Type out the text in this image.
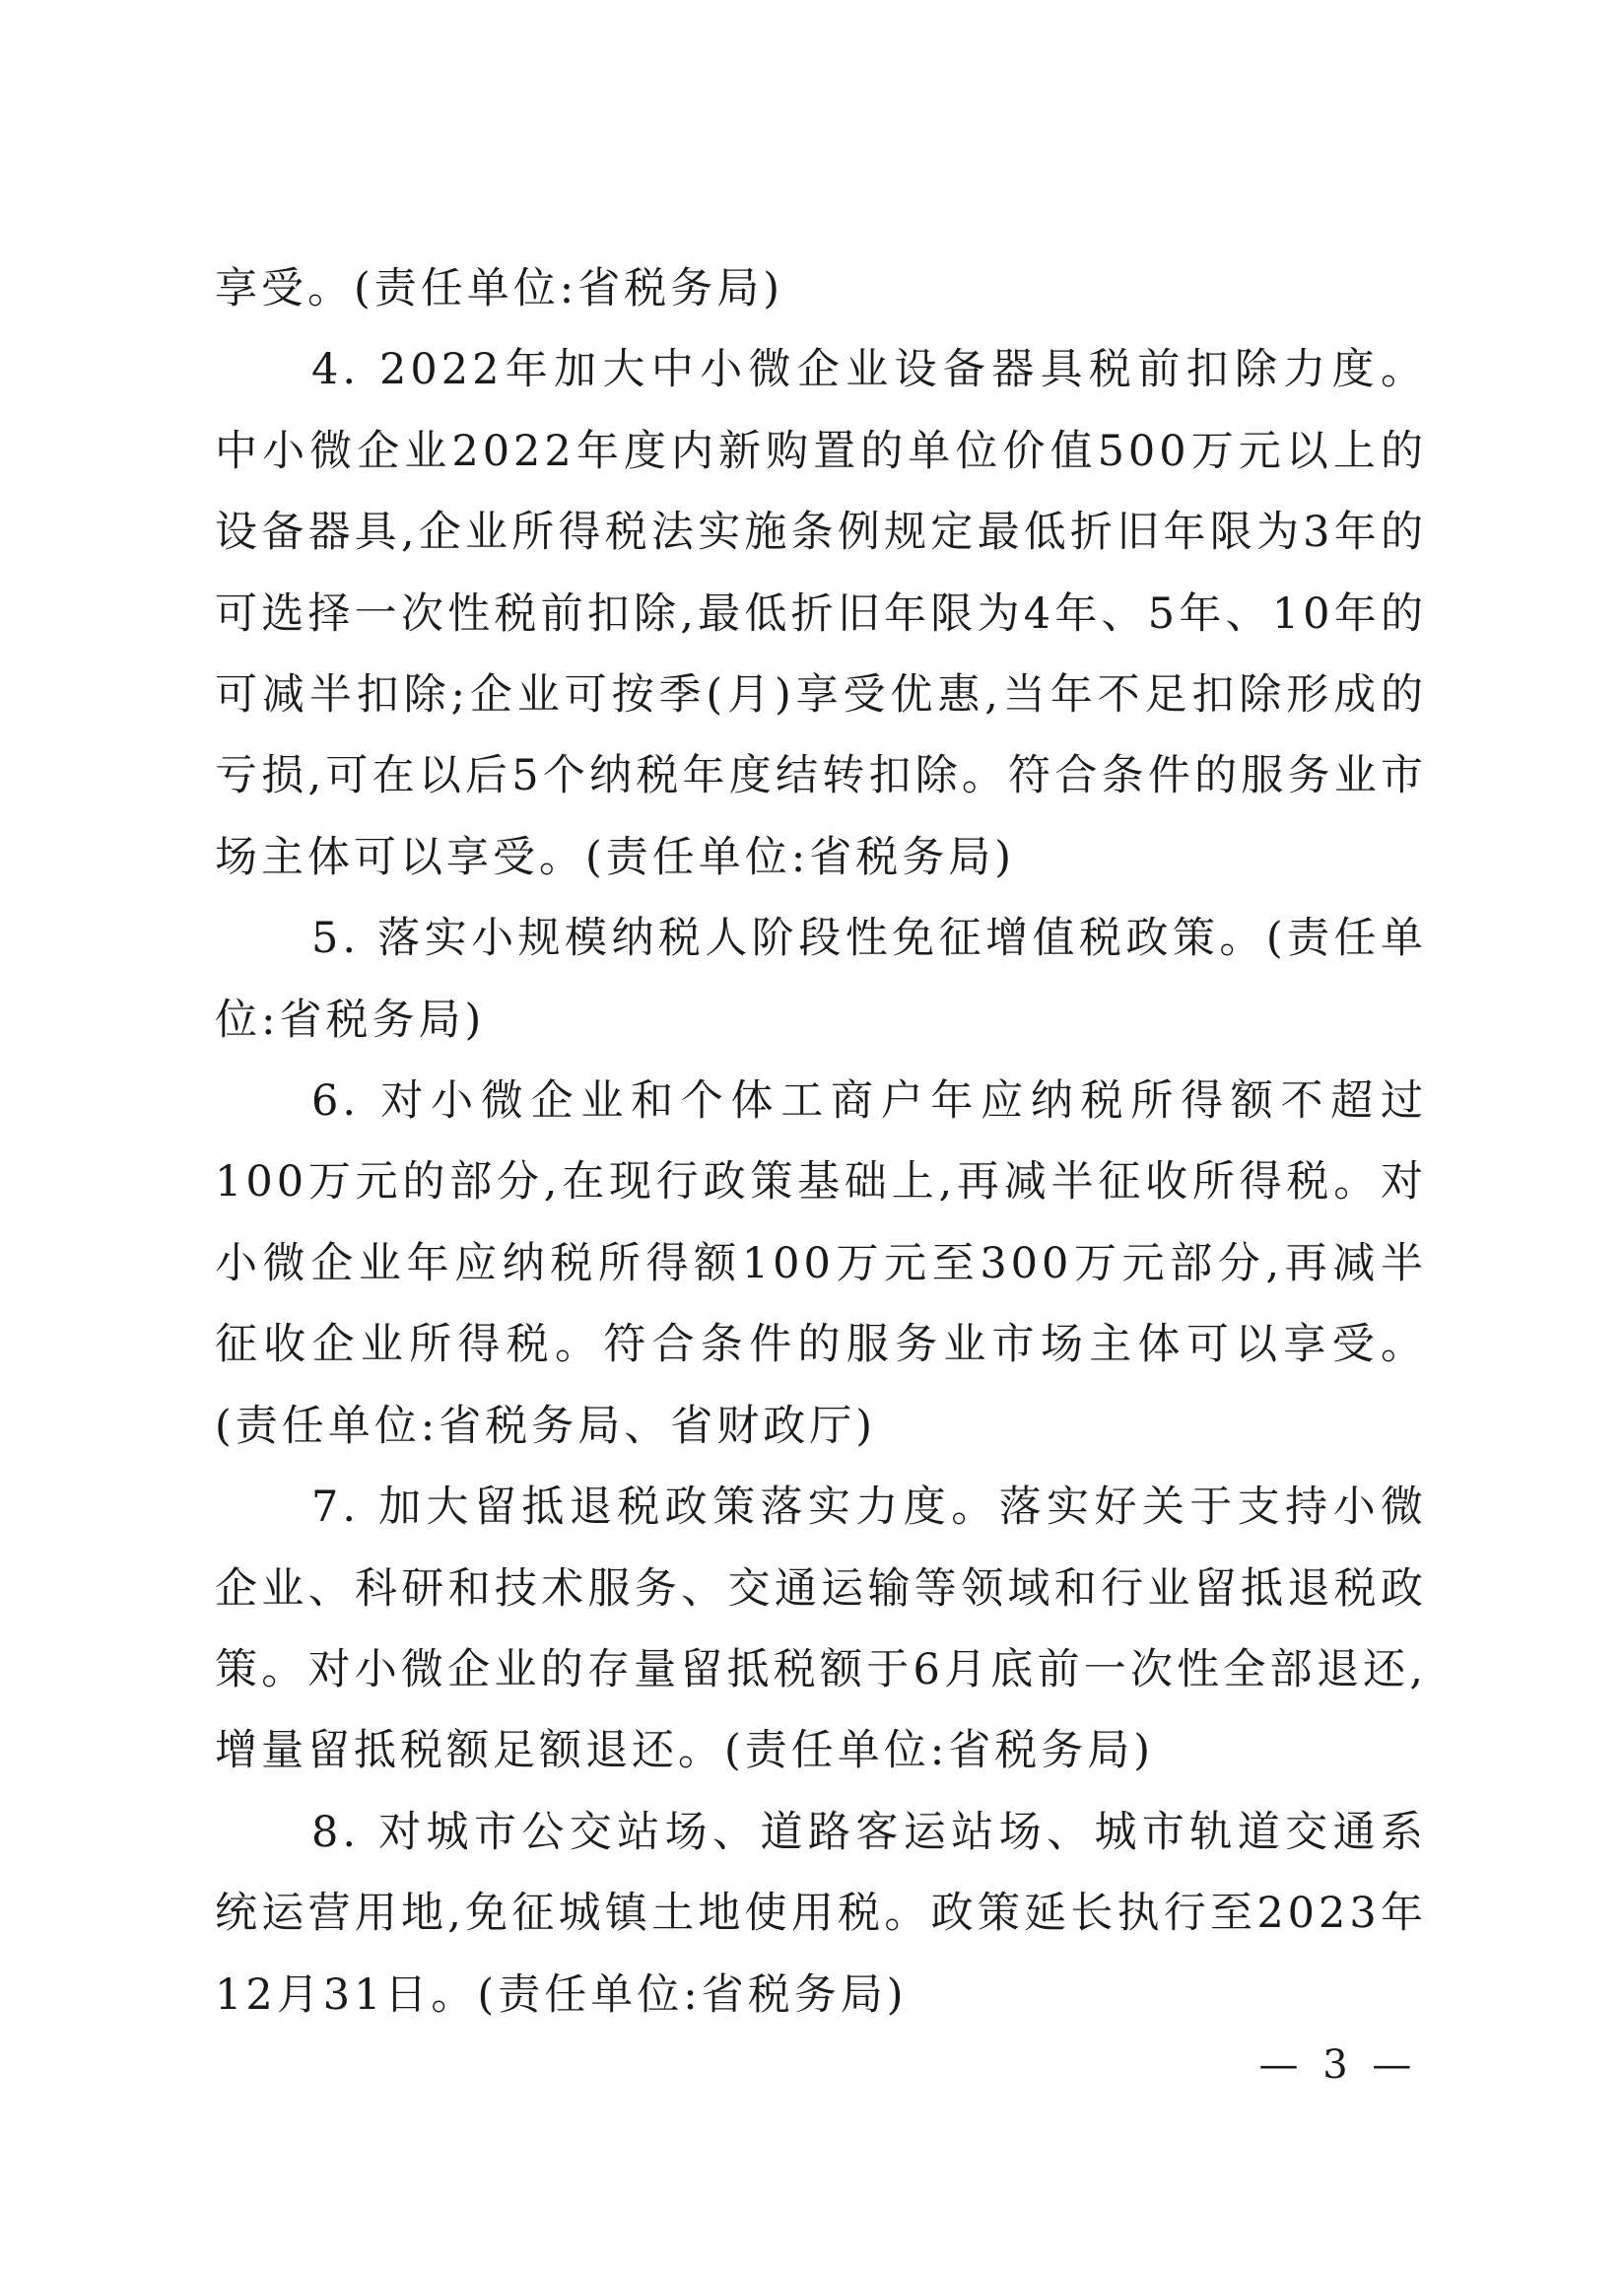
享受。(责任单位:省税务局)

4. 2022年加大中小微企业设备器具税前扣除力度。中小微企业2022年度内新购置的单位价值500万元以上的设备器具,企业所得税法实施条例规定最低折旧年限为3年的可选择一次性税前扣除,最低折旧年限为4年、5年、10年的可减半扣除;企业可按季(月)享受优惠,当年不足扣除形成的亏损,可在以后5个纳税年度结转扣除。符合条件的服务业市场主体可以享受。(责任单位:省税务局)

5. 落实小规模纳税人阶段性免征增值税政策。(责任单位:省税务局)

6. 对小微企业和个体工商户年应纳税所得额不超过100万元的部分,在现行政策基础上,再减半征收所得税。对小微企业年应纳税所得额100万元至300万元部分,再减半征收企业所得税。符合条件的服务业市场主体可以享受。(责任单位:省税务局、省财政厅)

7. 加大留抵退税政策落实力度。落实好关于支持小微企业、科研和技术服务、交通运输等领域和行业留抵退税政策。对小微企业的存量留抵税额于6月底前一次性全部退还,增量留抵税额足额退还。(责任单位:省税务局)

8. 对城市公交站场、道路客运站场、城市轨道交通系统运营用地,免征城镇土地使用税。政策延长执行至2023年12月31日。(责任单位:省税务局)

— 3 —
